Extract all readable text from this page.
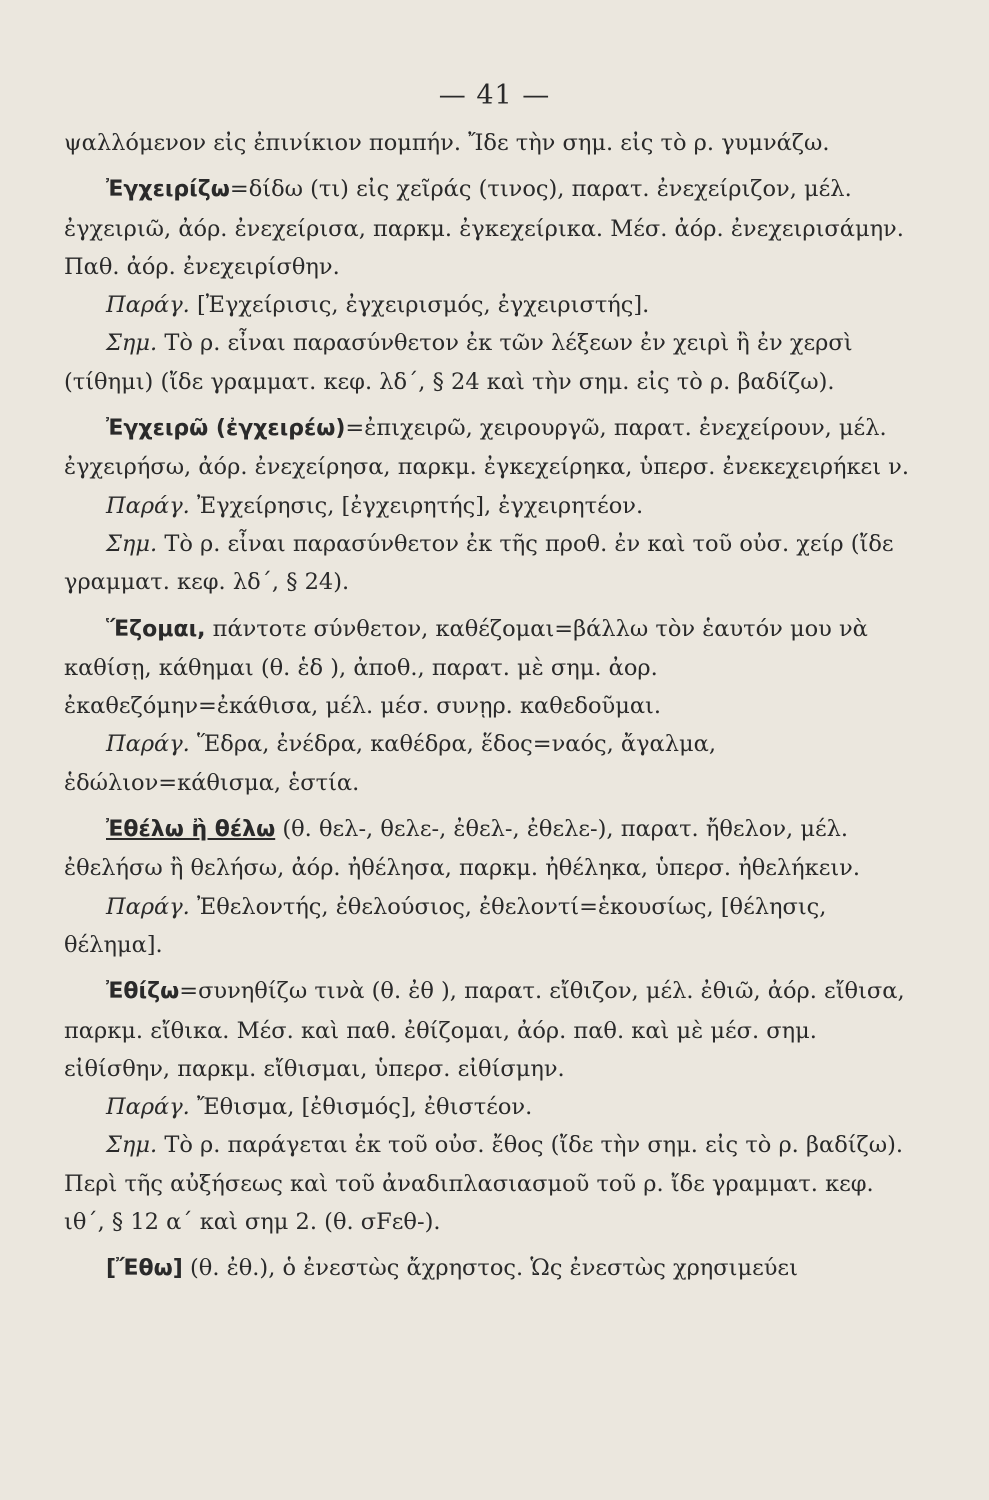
— 41 —

ψαλλόμενον εἰς ἐπινίκιον πομπήν. Ἴδε τὴν σημ. εἰς τὸ ρ. γυμνάζω.

Ἐγχειρίζω=δίδω (τι) εἰς χεῖράς (τινος), παρατ. ἐνεχείριζον, μέλ. ἐγχειριῶ, ἀόρ. ἐνεχείρισα, παρκμ. ἐγκεχείρικα. Μέσ. ἀόρ. ἐνεχειρισάμην. Παθ. ἀόρ. ἐνεχειρίσθην.

Παράγ. [Ἐγχείρισις, ἐγχειρισμός, ἐγχειριστής].

Σημ. Τὸ ρ. εἶναι παρασύνθετον ἐκ τῶν λέξεων ἐν χειρὶ ἢ ἐν χερσὶ (τίθημι) (ἴδε γραμματ. κεφ. λδ΄, § 24 καὶ τὴν σημ. εἰς τὸ ρ. βαδίζω).

Ἐγχειρῶ (ἐγχειρέω)=ἐπιχειρῶ, χειρουργῶ, παρατ. ἐνεχείρουν, μέλ. ἐγχειρήσω, ἀόρ. ἐνεχείρησα, παρκμ. ἐγκεχείρηκα, ὑπερσ. ἐνεκεχειρήκει ν.

Παράγ. Ἐγχείρησις, [ἐγχειρητής], ἐγχειρητέον.

Σημ. Τὸ ρ. εἶναι παρασύνθετον ἐκ τῆς προθ. ἐν καὶ τοῦ οὐσ. χείρ (ἴδε γραμματ. κεφ. λδ΄, § 24).

Ἕζομαι, πάντοτε σύνθετον, καθέζομαι=βάλλω τὸν ἑαυτόν μου νὰ καθίσῃ, κάθημαι (θ. ἑδ ), ἀποθ., παρατ. μὲ σημ. ἀορ. ἐκαθεζόμην=ἐκάθισα, μέλ. μέσ. συνῃρ. καθεδοῦμαι.

Παράγ. Ἕδρα, ἐνέδρα, καθέδρα, ἕδος=ναός, ἄγαλμα, ἑδώλιον=κάθισμα, ἑστία.

Ἐθέλω ἢ θέλω (θ. θελ-, θελε-, ἐθελ-, ἐθελε-), παρατ. ἤθελον, μέλ. ἐθελήσω ἢ θελήσω, ἀόρ. ἠθέλησα, παρκμ. ἠθέληκα, ὑπερσ. ἠθελήκειν.

Παράγ. Ἐθελοντής, ἐθελούσιος, ἐθελοντί=ἑκουσίως, [θέλησις, θέλημα].

Ἐθίζω=συνηθίζω τινὰ (θ. ἐθ ), παρατ. εἴθιζον, μέλ. ἐθιῶ, ἀόρ. εἴθισα, παρκμ. εἴθικα. Μέσ. καὶ παθ. ἐθίζομαι, ἀόρ. παθ. καὶ μὲ μέσ. σημ. εἰθίσθην, παρκμ. εἴθισμαι, ὑπερσ. εἰθίσμην.

Παράγ. Ἔθισμα, [ἐθισμός], ἐθιστέον.

Σημ. Τὸ ρ. παράγεται ἐκ τοῦ οὐσ. ἔθος (ἴδε τὴν σημ. εἰς τὸ ρ. βαδίζω). Περὶ τῆς αὐξήσεως καὶ τοῦ ἀναδιπλασιασμοῦ τοῦ ρ. ἴδε γραμματ. κεφ. ιθ΄, § 12 α΄ καὶ σημ 2. (θ. σFεθ-).

[Ἔθω] (θ. ἐθ.), ὁ ἐνεστὼς ἄχρηστος. Ὡς ἐνεστὼς χρησιμεύει
